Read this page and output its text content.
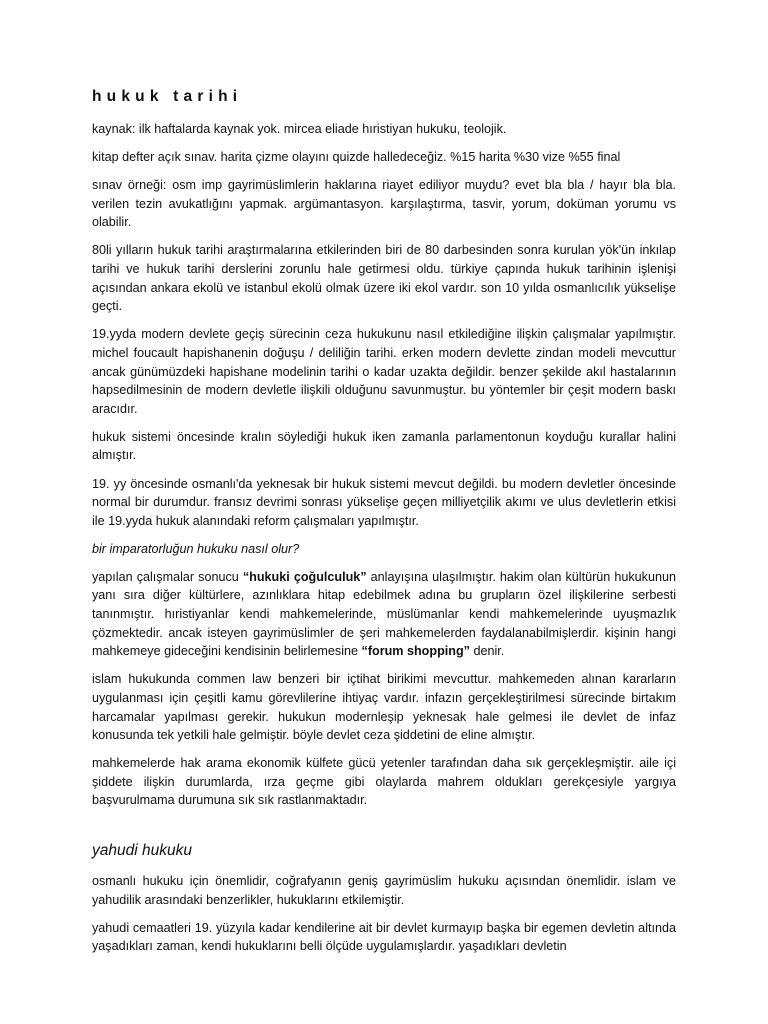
hukuk tarihi

kaynak: ilk haftalarda kaynak yok. mircea eliade hıristiyan hukuku, teolojik.

kitap defter açık sınav. harita çizme olayını quizde halledeceğiz. %15 harita %30 vize %55 final

sınav örneği: osm imp gayrimüslimlerin haklarına riayet ediliyor muydu? evet bla bla / hayır bla bla. verilen tezin avukatlığını yapmak. argümantasyon. karşılaştırma, tasvir, yorum, doküman yorumu vs olabilir.

80li yılların hukuk tarihi araştırmalarına etkilerinden biri de 80 darbesinden sonra kurulan yök'ün inkılap tarihi ve hukuk tarihi derslerini zorunlu hale getirmesi oldu. türkiye çapında hukuk tarihinin işlenişi açısından ankara ekolü ve istanbul ekolü olmak üzere iki ekol vardır. son 10 yılda osmanlıcılık yükselişe geçti.

19.yyda modern devlete geçiş sürecinin ceza hukukunu nasıl etkilediğine ilişkin çalışmalar yapılmıştır. michel foucault hapishanenin doğuşu / deliliğin tarihi. erken modern devlette zindan modeli mevcuttur ancak günümüzdeki hapishane modelinin tarihi o kadar uzakta değildir. benzer şekilde akıl hastalarının hapsedilmesinin de modern devletle ilişkili olduğunu savunmuştur. bu yöntemler bir çeşit modern baskı aracıdır.

hukuk sistemi öncesinde kralın söylediği hukuk iken zamanla parlamentonun koyduğu kurallar halini almıştır.

19. yy öncesinde osmanlı'da yeknesak bir hukuk sistemi mevcut değildi. bu modern devletler öncesinde normal bir durumdur. fransız devrimi sonrası yükselişe geçen milliyetçilik akımı ve ulus devletlerin etkisi ile 19.yyda hukuk alanındaki reform çalışmaları yapılmıştır.

bir imparatorluğun hukuku nasıl olur?

yapılan çalışmalar sonucu “hukuki çoğulculuk” anlayışına ulaşılmıştır. hakim olan kültürün hukukunun yanı sıra diğer kültürlere, azınlıklara hitap edebilmek adına bu grupların özel ilişkilerine serbesti tanınmıştır. hıristiyanlar kendi mahkemelerinde, müslümanlar kendi mahkemelerinde uyuşmazlık çözmektedir. ancak isteyen gayrimüslimler de şeri mahkemelerden faydalanabilmişlerdir. kişinin hangi mahkemeye gideceğini kendisinin belirlemesine “forum shopping” denir.

islam hukukunda commen law benzeri bir içtihat birikimi mevcuttur. mahkemeden alınan kararların uygulanması için çeşitli kamu görevlilerine ihtiyaç vardır. infazın gerçekleştirilmesi sürecinde birtakım harcamalar yapılması gerekir. hukukun modernleşip yeknesak hale gelmesi ile devlet de infaz konusunda tek yetkili hale gelmiştir. böyle devlet ceza şiddetini de eline almıştır.

mahkemelerde hak arama ekonomik külfete gücü yetenler tarafından daha sık gerçekleşmiştir. aile içi şiddete ilişkin durumlarda, ırza geçme gibi olaylarda mahrem oldukları gerekçesiyle yargıya başvurulmama durumuna sık sık rastlanmaktadır.

yahudi hukuku

osmanlı hukuku için önemlidir, coğrafyanın geniş gayrimüslim hukuku açısından önemlidir. islam ve yahudilik arasındaki benzerlikler, hukuklarını etkilemiştir.

yahudi cemaatleri 19. yüzyıla kadar kendilerine ait bir devlet kurmayıp başka bir egemen devletin altında yaşadıkları zaman, kendi hukuklarını belli ölçüde uygulamışlardır. yaşadıkları devletin
